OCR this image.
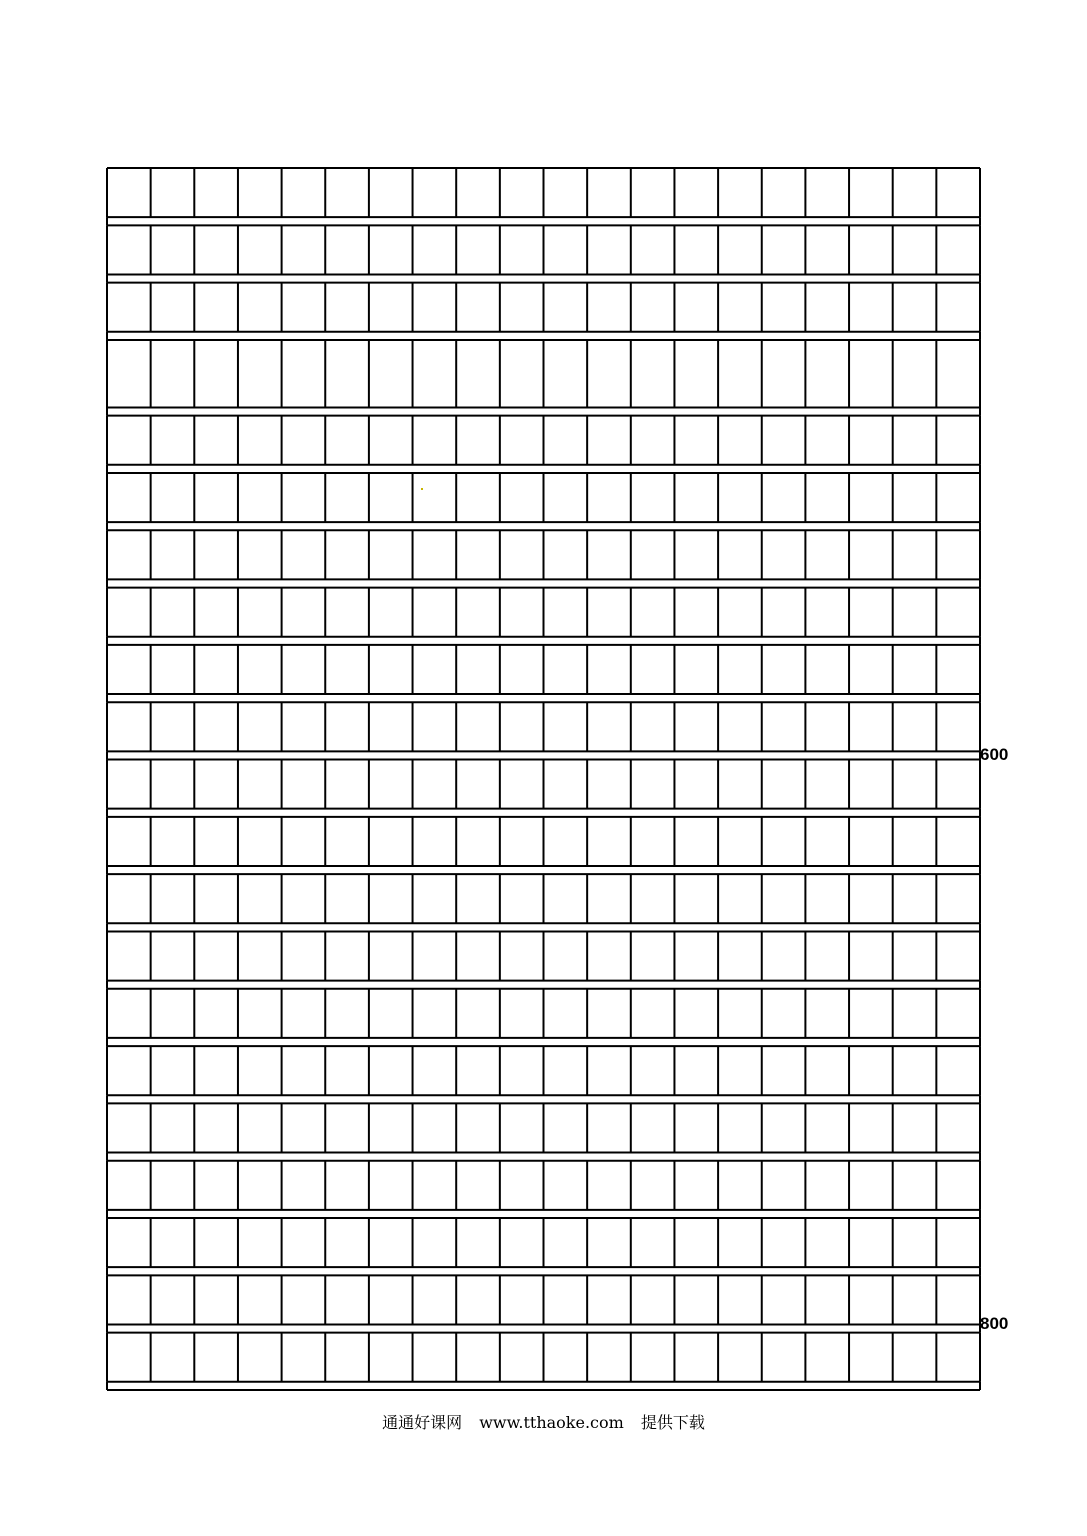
600
800
通通好课网 www.tthaoke.com 提供下载
